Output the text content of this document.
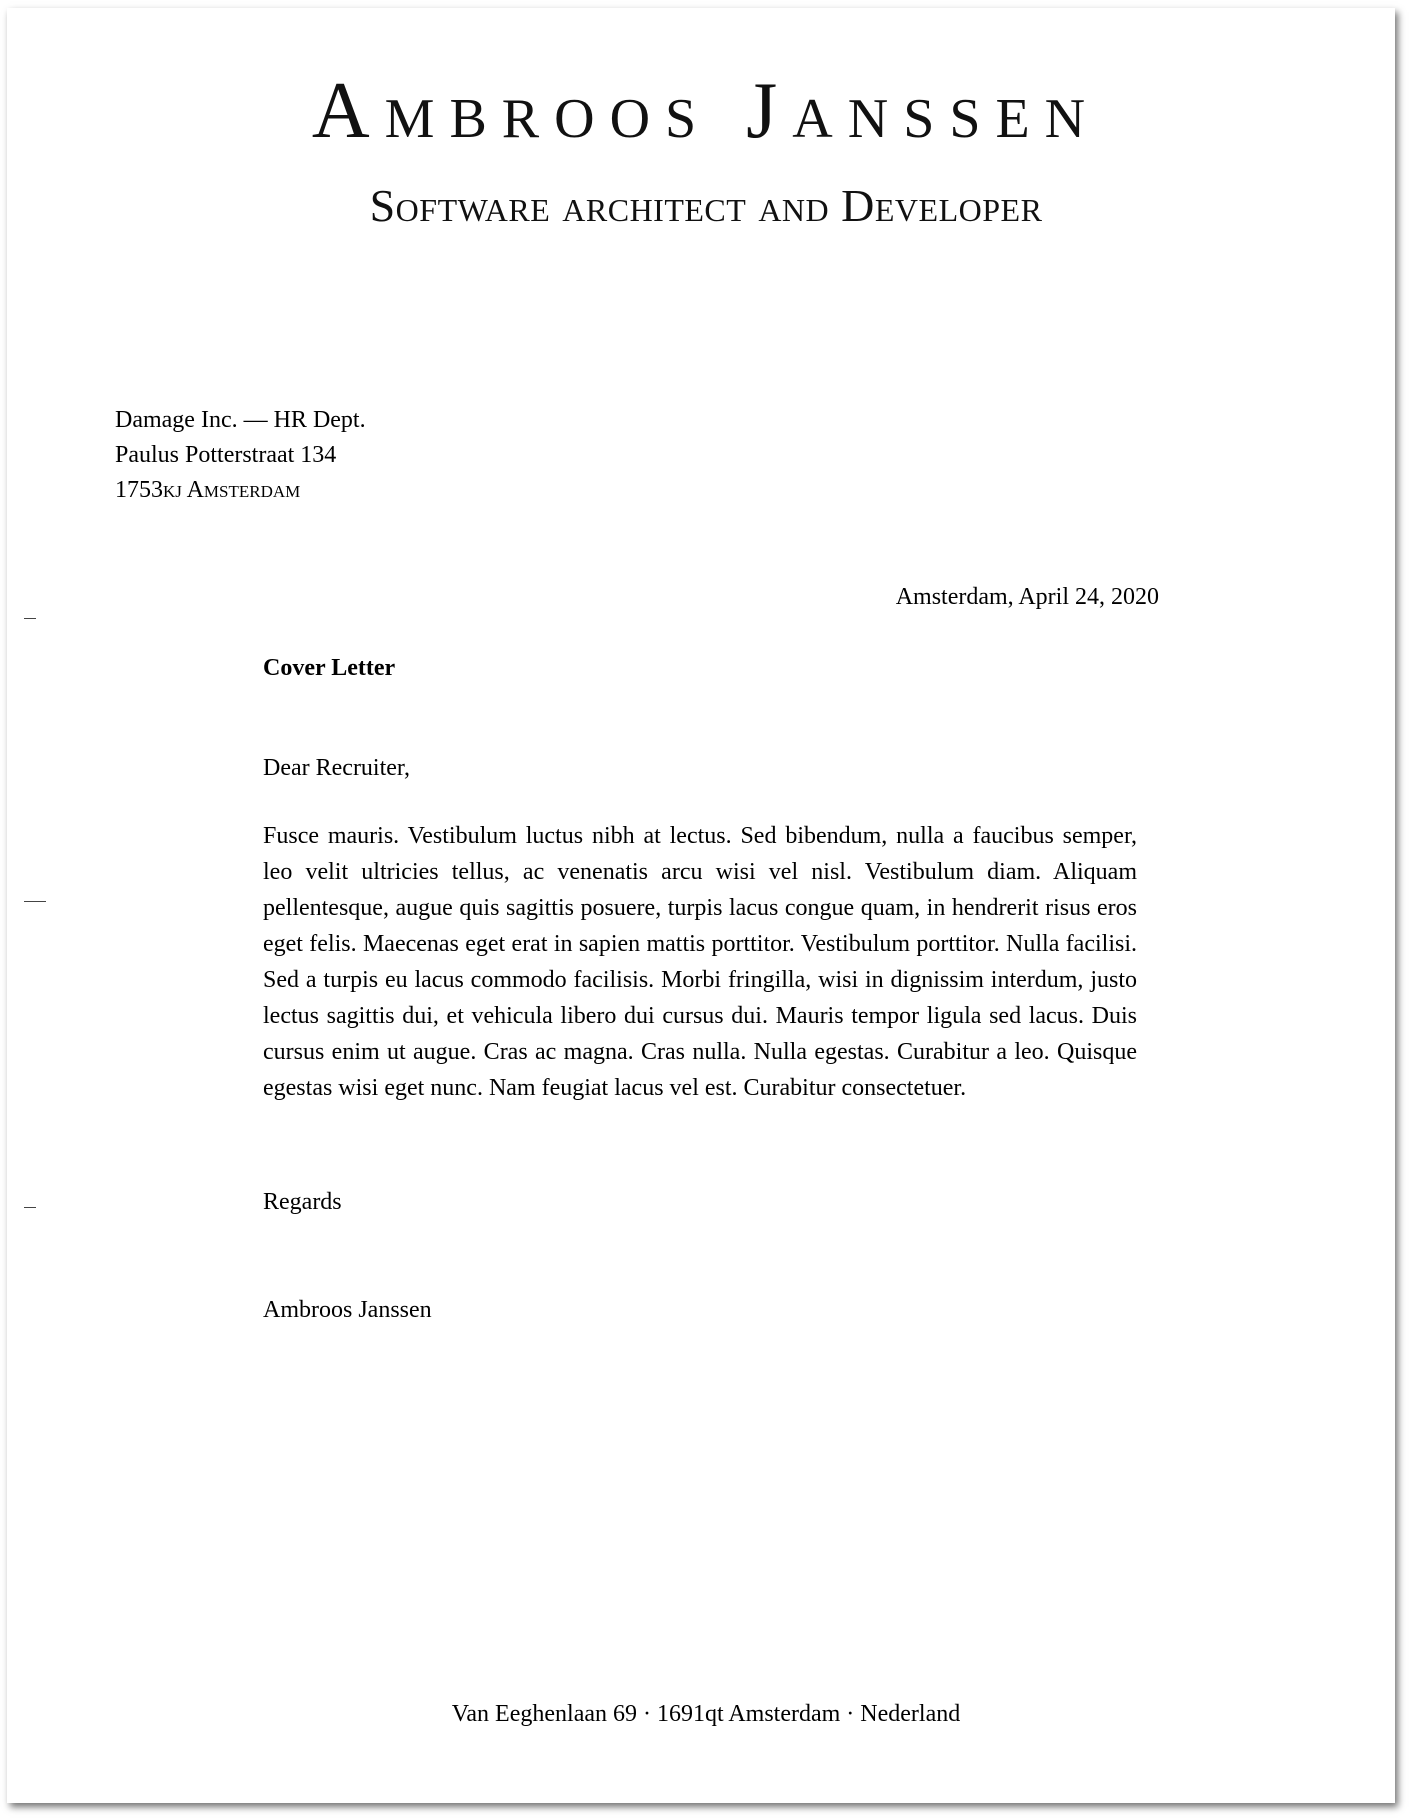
Ambroos Janssen
Software architect and Developer
Damage Inc. — HR Dept.
Paulus Potterstraat 134
1753kj Amsterdam
Amsterdam, April 24, 2020
Cover Letter
Dear Recruiter,
Fusce mauris. Vestibulum luctus nibh at lectus. Sed bibendum, nulla a faucibus semper, leo velit ultricies tellus, ac venenatis arcu wisi vel nisl. Vestibulum diam. Aliquam pellentesque, augue quis sagittis posuere, turpis lacus congue quam, in hendrerit risus eros eget felis. Maecenas eget erat in sapien mattis porttitor. Vestibulum porttitor. Nulla facilisi. Sed a turpis eu lacus commodo facilisis. Morbi fringilla, wisi in dignissim interdum, justo lectus sagittis dui, et vehicula libero dui cursus dui. Mauris tempor ligula sed lacus. Duis cursus enim ut augue. Cras ac magna. Cras nulla. Nulla egestas. Curabitur a leo. Quisque egestas wisi eget nunc. Nam feugiat lacus vel est. Curabitur consectetuer.
Regards
Ambroos Janssen
Van Eeghenlaan 69 · 1691qt Amsterdam · Nederland
